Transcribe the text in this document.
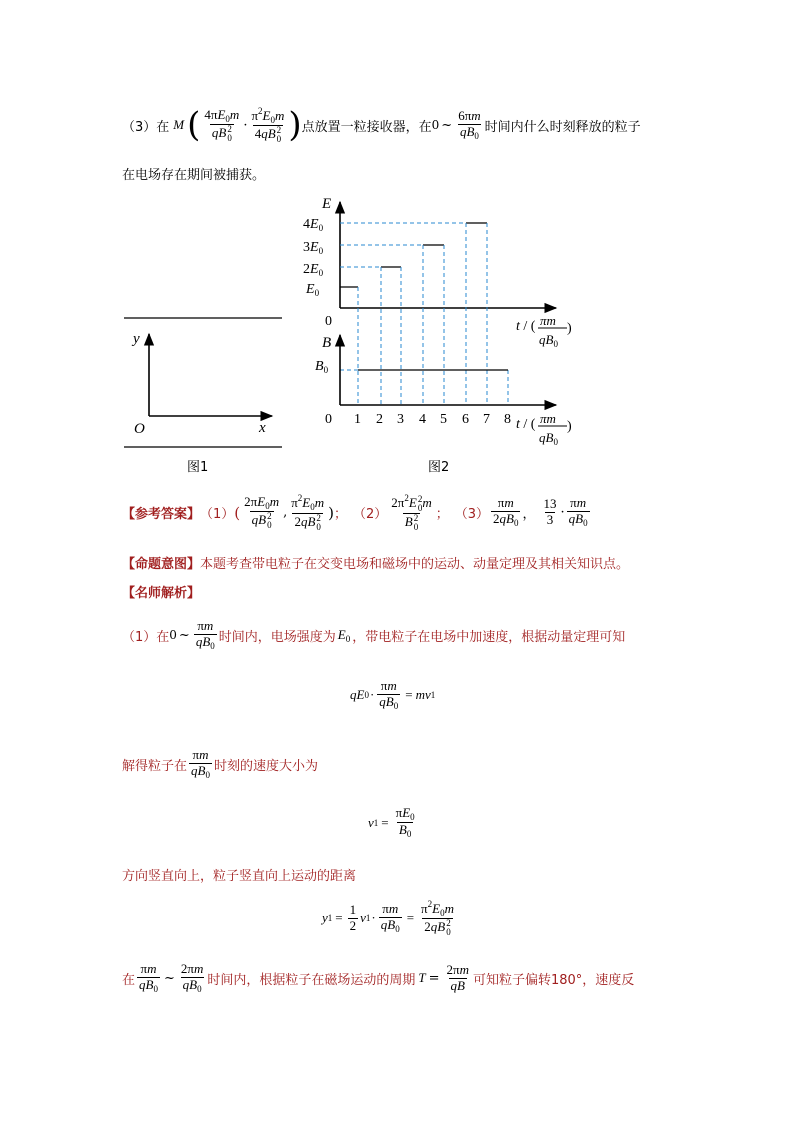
（3）在 M ( $4\pi E_0m$
qB 2
$0 \cdot \pi^2E_0m$
4qB 2
0 ) 点放置一粒接收器，在 0 ~ $\frac{6\pi m}{qB_0}$ 时间内什么时刻释放的粒子
在电场存在期间被捕获。
y
x
O
E
$E_0$
$2E_0$
$3E_0$
$4E_0$
0	t / ( πm
$qB_0$
)
B
$B_0$
0 1 2 3 4 5 6 7 8 t / ( πm
$qB_0$
)
图1	图2
【参考答案】 （1） ( $2\pi E_0m$
qB 2
0 , $\pi^2E_0m$
2qB 2
0 ) ； （2） $2\pi^2E$ 2
0 m
B 2
0 ； $(3) \frac{\pi m}{2qB_0}$ ， $\frac{13}{3} \cdot \frac{\pi m}{qB_0}$
【命题意图】 本题考查带电粒子在交变电场和磁场中的运动、动量定理及其相关知识点。
【名师解析】
（1）在 0 ~ $\frac{\pi m}{qB_0}$ 时间内，电场强度为 $E_0$ ，带电粒子在电场中加速度，根据动量定理可知
qE $0 \cdot \frac{\pi m}{qB_0}$ = mv 1
解得粒子在 $\frac{\pi m}{qB_0}$ 时刻的速度大小为
v $1 = \frac{\pi E_0}{B_0}$
方向竖直向上，粒子竖直向上运动的距离
y $1 = \frac{1}{2}$ v $1 \cdot \frac{\pi m}{qB_0} = \pi^2E_0m$
2qB 2
0
在 $\frac{\pi m}{qB_0}$ ~ $\frac{2\pi m}{qB_0}$ 时间内，根据粒子在磁场运动的周期 $T = \frac{2\pi m}{qB}$ 可知粒子偏转180°，速度反
